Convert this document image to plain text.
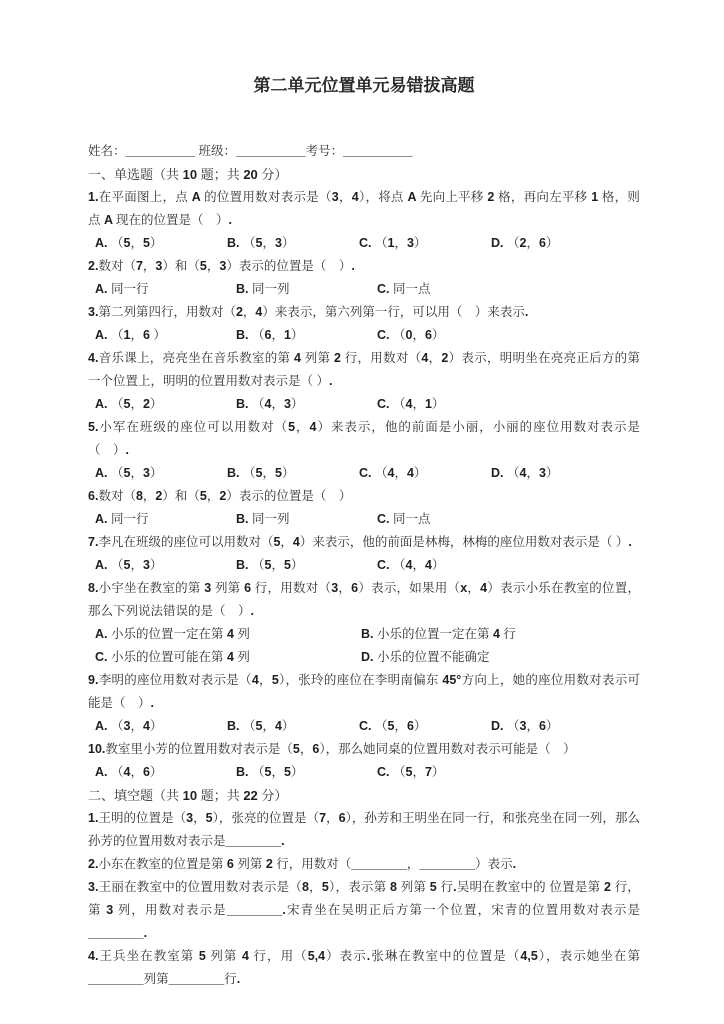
第二单元位置单元易错拔高题
姓名：__________ 班级：__________考号：__________
一、单选题（共 10 题；共 20 分）

1.在平面图上，点 A 的位置用数对表示是（3，4），将点 A 先向上平移 2 格，再向左平移 1 格，则点 A 现在的位置是（　）.

A. （5，5）	B. （5，3）	C. （1，3）	D. （2，6）

2.数对（7，3）和（5，3）表示的位置是（　）.

A. 同一行	B. 同一列	C. 同一点

3.第二列第四行，用数对（2，4）来表示，第六列第一行，可以用（　）来表示.

A. （1，6 ）	B. （6，1）	C. （0，6）

4.音乐课上，亮亮坐在音乐教室的第 4 列第 2 行，用数对（4，2）表示，明明坐在亮亮正后方的第一个位置上，明明的位置用数对表示是（ ）.

A. （5，2）	B. （4，3）	C. （4，1）

5.小军在班级的座位可以用数对（5，4）来表示，他的前面是小丽，小丽的座位用数对表示是（　）.

A. （5，3）	B. （5，5）	C. （4，4）	D. （4，3）

6.数对（8，2）和（5，2）表示的位置是（　）

A. 同一行	B. 同一列	C. 同一点

7.李凡在班级的座位可以用数对（5，4）来表示，他的前面是林梅，林梅的座位用数对表示是（ ）.

A. （5，3）	B. （5，5）	C. （4，4）

8.小宇坐在教室的第 3 列第 6 行，用数对（3，6）表示，如果用（x，4）表示小乐在教室的位置，那么下列说法错误的是（　）.

A. 小乐的位置一定在第 4 列	B. 小乐的位置一定在第 4 行
C. 小乐的位置可能在第 4 列	D. 小乐的位置不能确定

9.李明的座位用数对表示是（4，5），张玲的座位在李明南偏东 45°方向上，她的座位用数对表示可能是（　）.

A. （3，4）	B. （5，4）	C. （5，6）	D. （3，6）

10.教室里小芳的位置用数对表示是（5，6），那么她同桌的位置用数对表示可能是（　）

A. （4，6）	B. （5，5）	C. （5，7）
二、填空题（共 10 题；共 22 分）

1.王明的位置是（3，5），张亮的位置是（7，6），孙芳和王明坐在同一行，和张亮坐在同一列，那么孙芳的位置用数对表示是________.

2.小东在教室的位置是第 6 列第 2 行，用数对（________，________）表示.

3.王丽在教室中的位置用数对表示是（8，5），表示第 8 列第 5 行.吴明在教室中的 位置是第 2 行，第 3 列，用数对表示是________.宋青坐在吴明正后方第一个位置，宋青的位置用数对表示是 ________.

4.王兵坐在教室第 5 列第 4 行，用（5,4）表示.张琳在教室中的位置是（4,5），表示她坐在第________列第________行.
